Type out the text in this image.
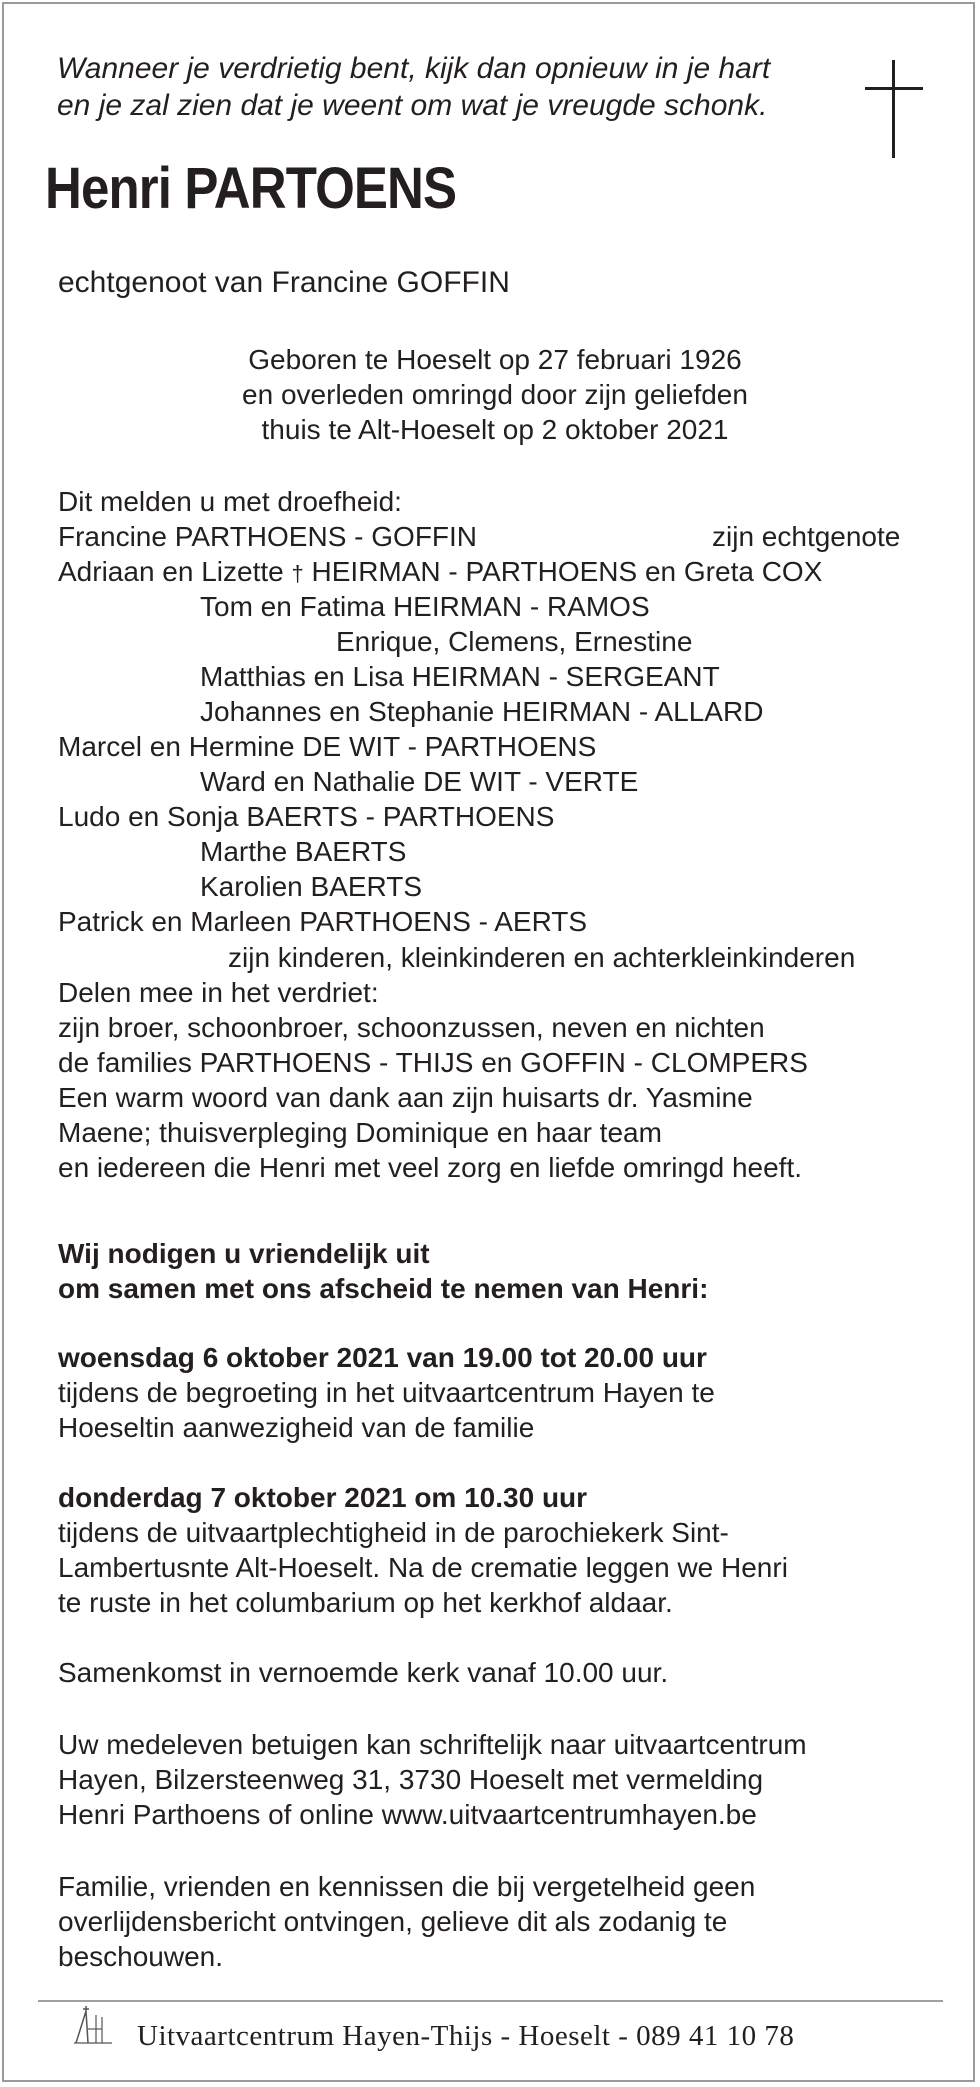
Wanneer je verdrietig bent, kijk dan opnieuw in je hart
en je zal zien dat je weent om wat je vreugde schonk.
Henri PARTOENS
echtgenoot van Francine GOFFIN
Geboren te Hoeselt op 27 februari 1926
en overleden omringd door zijn geliefden
thuis te Alt-Hoeselt op 2 oktober 2021
Dit melden u met droefheid:
Francine PARTHOENS - GOFFIN	zijn echtgenote
Adriaan en Lizette † HEIRMAN - PARTHOENS en Greta COX
Tom en Fatima HEIRMAN - RAMOS
Enrique, Clemens, Ernestine
Matthias en Lisa HEIRMAN - SERGEANT
Johannes en Stephanie HEIRMAN - ALLARD
Marcel en Hermine DE WIT - PARTHOENS
Ward en Nathalie DE WIT - VERTE
Ludo en Sonja BAERTS - PARTHOENS
Marthe BAERTS
Karolien BAERTS
Patrick en Marleen PARTHOENS - AERTS
zijn kinderen, kleinkinderen en achterkleinkinderen
Delen mee in het verdriet:
zijn broer, schoonbroer, schoonzussen, neven en nichten
de families PARTHOENS - THIJS en GOFFIN - CLOMPERS
Een warm woord van dank aan zijn huisarts dr. Yasmine
Maene; thuisverpleging Dominique en haar team
en iedereen die Henri met veel zorg en liefde omringd heeft.
Wij nodigen u vriendelijk uit
om samen met ons afscheid te nemen van Henri:
woensdag 6 oktober 2021 van 19.00 tot 20.00 uur
tijdens de begroeting in het uitvaartcentrum Hayen te
Hoeseltin aanwezigheid van de familie
donderdag 7 oktober 2021 om 10.30 uur
tijdens de uitvaartplechtigheid in de parochiekerk Sint-
Lambertusnte Alt-Hoeselt. Na de crematie leggen we Henri
te ruste in het columbarium op het kerkhof aldaar.
Samenkomst in vernoemde kerk vanaf 10.00 uur.
Uw medeleven betuigen kan schriftelijk naar uitvaartcentrum
Hayen, Bilzersteenweg 31, 3730 Hoeselt met vermelding
Henri Parthoens of online www.uitvaartcentrumhayen.be
Familie, vrienden en kennissen die bij vergetelheid geen
overlijdensbericht ontvingen, gelieve dit als zodanig te
beschouwen.
Uitvaartcentrum Hayen-Thijs - Hoeselt - 089 41 10 78
